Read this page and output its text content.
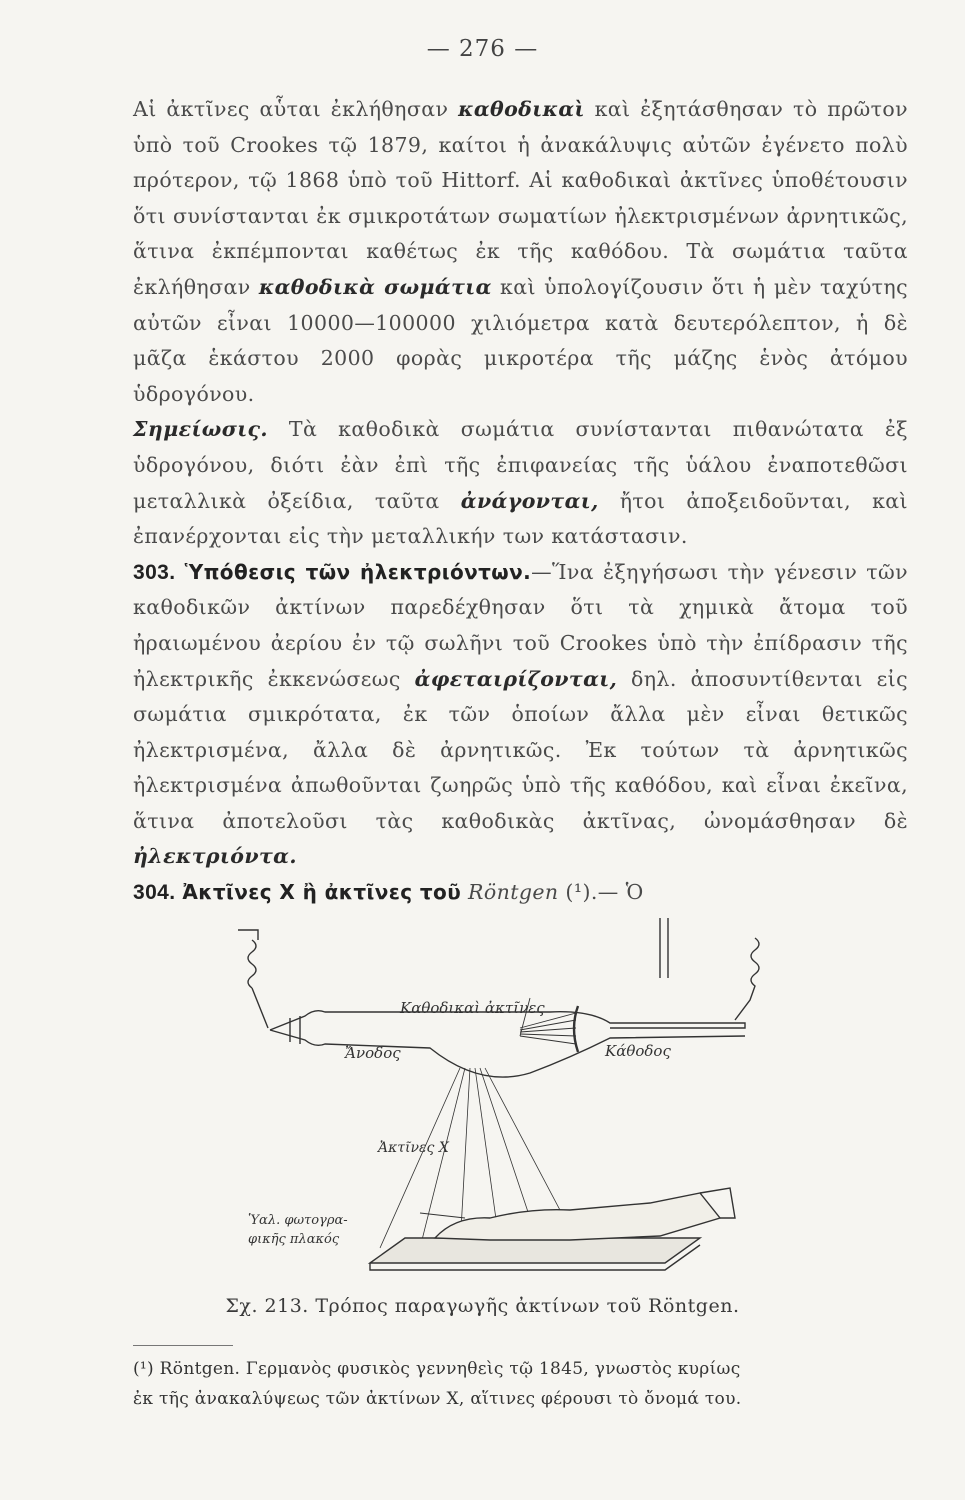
— 276 —

Αἱ ἀκτῖνες αὗται ἐκλήθησαν καθοδικαὶ καὶ ἐξητάσθησαν τὸ πρῶτον ὑπὸ τοῦ Crookes τῷ 1879, καίτοι ἡ ἀνακάλυψις αὐτῶν ἐγένετο πολὺ πρότερον, τῷ 1868 ὑπὸ τοῦ Hittorf. Αἱ καθοδικαὶ ἀκτῖνες ὑποθέτουσιν ὅτι συνίστανται ἐκ σμικροτάτων σωματίων ἠλεκτρισμένων ἀρνητικῶς, ἅτινα ἐκπέμπονται καθέτως ἐκ τῆς καθόδου. Τὰ σωμάτια ταῦτα ἐκλήθησαν καθοδικὰ σωμάτια καὶ ὑπολογίζουσιν ὅτι ἡ μὲν ταχύτης αὐτῶν εἶναι 10000—100000 χιλιόμετρα κατὰ δευτερόλεπτον, ἡ δὲ μᾶζα ἑκάστου 2000 φορὰς μικροτέρα τῆς μάζης ἑνὸς ἀτόμου ὑδρογόνου.

Σημείωσις. Τὰ καθοδικὰ σωμάτια συνίστανται πιθανώτατα ἐξ ὑδρογόνου, διότι ἐὰν ἐπὶ τῆς ἐπιφανείας τῆς ὑάλου ἐναποτεθῶσι μεταλλικὰ ὀξείδια, ταῦτα ἀνάγονται, ἤτοι ἀποξειδοῦνται, καὶ ἐπανέρχονται εἰς τὴν μεταλλικήν των κατάστασιν.

303. Ὑπόθεσις τῶν ἠλεκτριόντων.—Ἵνα ἐξηγήσωσι τὴν γένεσιν τῶν καθοδικῶν ἀκτίνων παρεδέχθησαν ὅτι τὰ χημικὰ ἄτομα τοῦ ἠραιωμένου ἀερίου ἐν τῷ σωλῆνι τοῦ Crookes ὑπὸ τὴν ἐπίδρασιν τῆς ἠλεκτρικῆς ἐκκενώσεως ἀφεταιρίζονται, δηλ. ἀποσυντίθενται εἰς σωμάτια σμικρότατα, ἐκ τῶν ὁποίων ἄλλα μὲν εἶναι θετικῶς ἠλεκτρισμένα, ἄλλα δὲ ἀρνητικῶς. Ἐκ τούτων τὰ ἀρνητικῶς ἠλεκτρισμένα ἀπωθοῦνται ζωηρῶς ὑπὸ τῆς καθόδου, καὶ εἶναι ἐκεῖνα, ἅτινα ἀποτελοῦσι τὰς καθοδικὰς ἀκτῖνας, ὠνομάσθησαν δὲ ἠλεκτριόντα.

304. Ἀκτῖνες Χ ἢ ἀκτῖνες τοῦ Röntgen (¹).— Ὁ

Καθοδικαὶ ἀκτῖνες
Ἄνοδος	Κάθοδος
Ἀκτῖνες Χ
Ὑαλ. φωτογρα-
φικῆς πλακός
Σχ. 213. Τρόπος παραγωγῆς ἀκτίνων τοῦ Röntgen.

(¹) Röntgen. Γερμανὸς φυσικὸς γεννηθεὶς τῷ 1845, γνωστὸς κυρίως

ἐκ τῆς ἀνακαλύψεως τῶν ἀκτίνων Χ, αἵτινες φέρουσι τὸ ὄνομά του.
